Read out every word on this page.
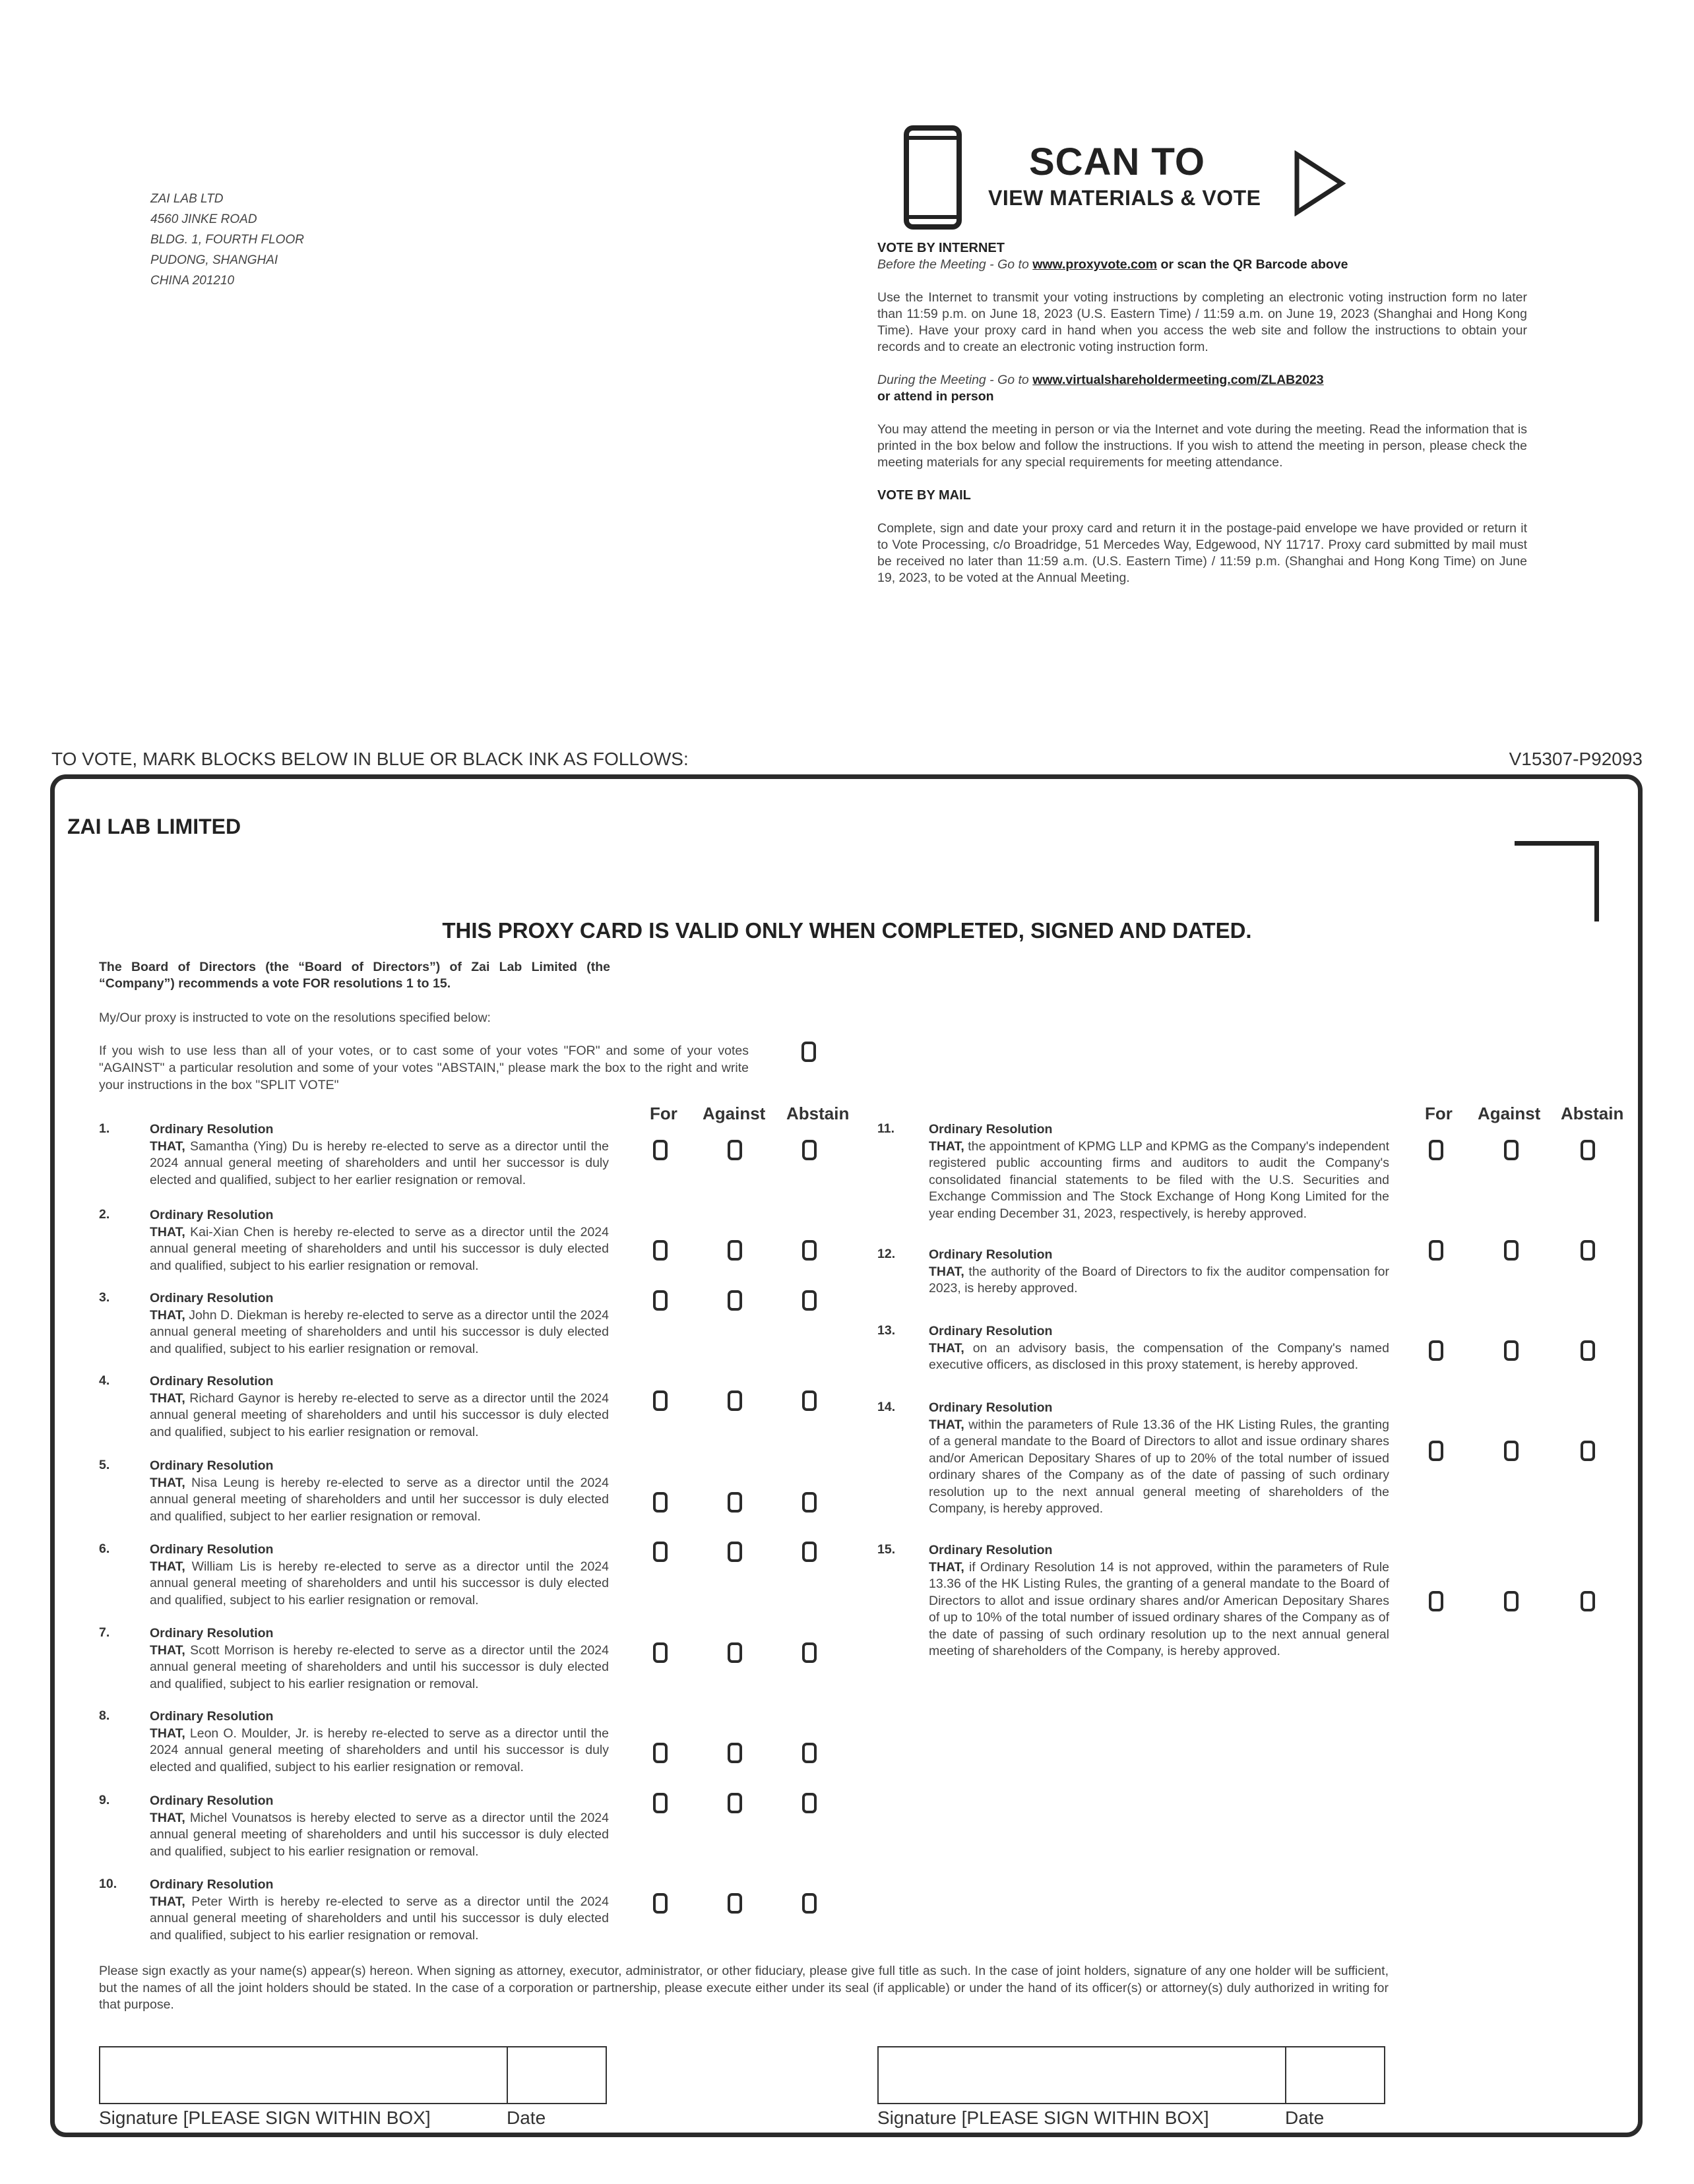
ZAI LAB LTD
4560 JINKE ROAD
BLDG. 1, FOURTH FLOOR
PUDONG, SHANGHAI
CHINA 201210
SCAN TO
VIEW MATERIALS & VOTE
VOTE BY INTERNET
Before the Meeting - Go to www.proxyvote.com or scan the QR Barcode above
Use the Internet to transmit your voting instructions by completing an electronic voting instruction form no later than 11:59 p.m. on June 18, 2023 (U.S. Eastern Time) / 11:59 a.m. on June 19, 2023 (Shanghai and Hong Kong Time). Have your proxy card in hand when you access the web site and follow the instructions to obtain your records and to create an electronic voting instruction form.
During the Meeting - Go to www.virtualshareholdermeeting.com/ZLAB2023
or attend in person
You may attend the meeting in person or via the Internet and vote during the meeting. Read the information that is printed in the box below and follow the instructions. If you wish to attend the meeting in person, please check the meeting materials for any special requirements for meeting attendance.
VOTE BY MAIL
Complete, sign and date your proxy card and return it in the postage-paid envelope we have provided or return it to Vote Processing, c/o Broadridge, 51 Mercedes Way, Edgewood, NY 11717. Proxy card submitted by mail must be received no later than 11:59 a.m. (U.S. Eastern Time) / 11:59 p.m. (Shanghai and Hong Kong Time) on June 19, 2023, to be voted at the Annual Meeting.
TO VOTE, MARK BLOCKS BELOW IN BLUE OR BLACK INK AS FOLLOWS:	V15307-P92093
ZAI LAB LIMITED
THIS PROXY CARD IS VALID ONLY WHEN COMPLETED, SIGNED AND DATED.
The Board of Directors (the “Board of Directors”) of Zai Lab Limited (the “Company”) recommends a vote FOR resolutions 1 to 15.
My/Our proxy is instructed to vote on the resolutions specified below:
If you wish to use less than all of your votes, or to cast some of your votes "FOR" and some of your votes "AGAINST" a particular resolution and some of your votes "ABSTAIN," please mark the box to the right and write your instructions in the box "SPLIT VOTE"
For Against Abstain	For Against Abstain
Please sign exactly as your name(s) appear(s) hereon. When signing as attorney, executor, administrator, or other fiduciary, please give full title as such. In the case of joint holders, signature of any one holder will be sufficient, but the names of all the joint holders should be stated. In the case of a corporation or partnership, please execute either under its seal (if applicable) or under the hand of its officer(s) or attorney(s) duly authorized in writing for that purpose.
Signature [PLEASE SIGN WITHIN BOX]	Date	Signature [PLEASE SIGN WITHIN BOX]	Date
1.	Ordinary Resolution
THAT, Samantha (Ying) Du is hereby re-elected to serve as a director until the 2024 annual general meeting of shareholders and until her successor is duly elected and qualified, subject to her earlier resignation or removal.
2.	Ordinary Resolution
THAT, Kai-Xian Chen is hereby re-elected to serve as a director until the 2024 annual general meeting of shareholders and until his successor is duly elected and qualified, subject to his earlier resignation or removal.
3.	Ordinary Resolution
THAT, John D. Diekman is hereby re-elected to serve as a director until the 2024 annual general meeting of shareholders and until his successor is duly elected and qualified, subject to his earlier resignation or removal.
4.	Ordinary Resolution
THAT, Richard Gaynor is hereby re-elected to serve as a director until the 2024 annual general meeting of shareholders and until his successor is duly elected and qualified, subject to his earlier resignation or removal.
5.	Ordinary Resolution
THAT, Nisa Leung is hereby re-elected to serve as a director until the 2024 annual general meeting of shareholders and until her successor is duly elected and qualified, subject to her earlier resignation or removal.
6.	Ordinary Resolution
THAT, William Lis is hereby re-elected to serve as a director until the 2024 annual general meeting of shareholders and until his successor is duly elected and qualified, subject to his earlier resignation or removal.
7.	Ordinary Resolution
THAT, Scott Morrison is hereby re-elected to serve as a director until the 2024 annual general meeting of shareholders and until his successor is duly elected and qualified, subject to his earlier resignation or removal.
8.	Ordinary Resolution
THAT, Leon O. Moulder, Jr. is hereby re-elected to serve as a director until the 2024 annual general meeting of shareholders and until his successor is duly elected and qualified, subject to his earlier resignation or removal.
9.	Ordinary Resolution
THAT, Michel Vounatsos is hereby elected to serve as a director until the 2024 annual general meeting of shareholders and until his successor is duly elected and qualified, subject to his earlier resignation or removal.
10.	Ordinary Resolution
THAT, Peter Wirth is hereby re-elected to serve as a director until the 2024 annual general meeting of shareholders and until his successor is duly elected and qualified, subject to his earlier resignation or removal.
11.	Ordinary Resolution
THAT, the appointment of KPMG LLP and KPMG as the Company's independent registered public accounting firms and auditors to audit the Company's consolidated financial statements to be filed with the U.S. Securities and Exchange Commission and The Stock Exchange of Hong Kong Limited for the year ending December 31, 2023, respectively, is hereby approved.
12.	Ordinary Resolution
THAT, the authority of the Board of Directors to fix the auditor compensation for 2023, is hereby approved.
13.	Ordinary Resolution
THAT, on an advisory basis, the compensation of the Company's named executive officers, as disclosed in this proxy statement, is hereby approved.
14.	Ordinary Resolution
THAT, within the parameters of Rule 13.36 of the HK Listing Rules, the granting of a general mandate to the Board of Directors to allot and issue ordinary shares and/or American Depositary Shares of up to 20% of the total number of issued ordinary shares of the Company as of the date of passing of such ordinary resolution up to the next annual general meeting of shareholders of the Company, is hereby approved.
15.	Ordinary Resolution
THAT, if Ordinary Resolution 14 is not approved, within the parameters of Rule 13.36 of the HK Listing Rules, the granting of a general mandate to the Board of Directors to allot and issue ordinary shares and/or American Depositary Shares of up to 10% of the total number of issued ordinary shares of the Company as of the date of passing of such ordinary resolution up to the next annual general meeting of shareholders of the Company, is hereby approved.
